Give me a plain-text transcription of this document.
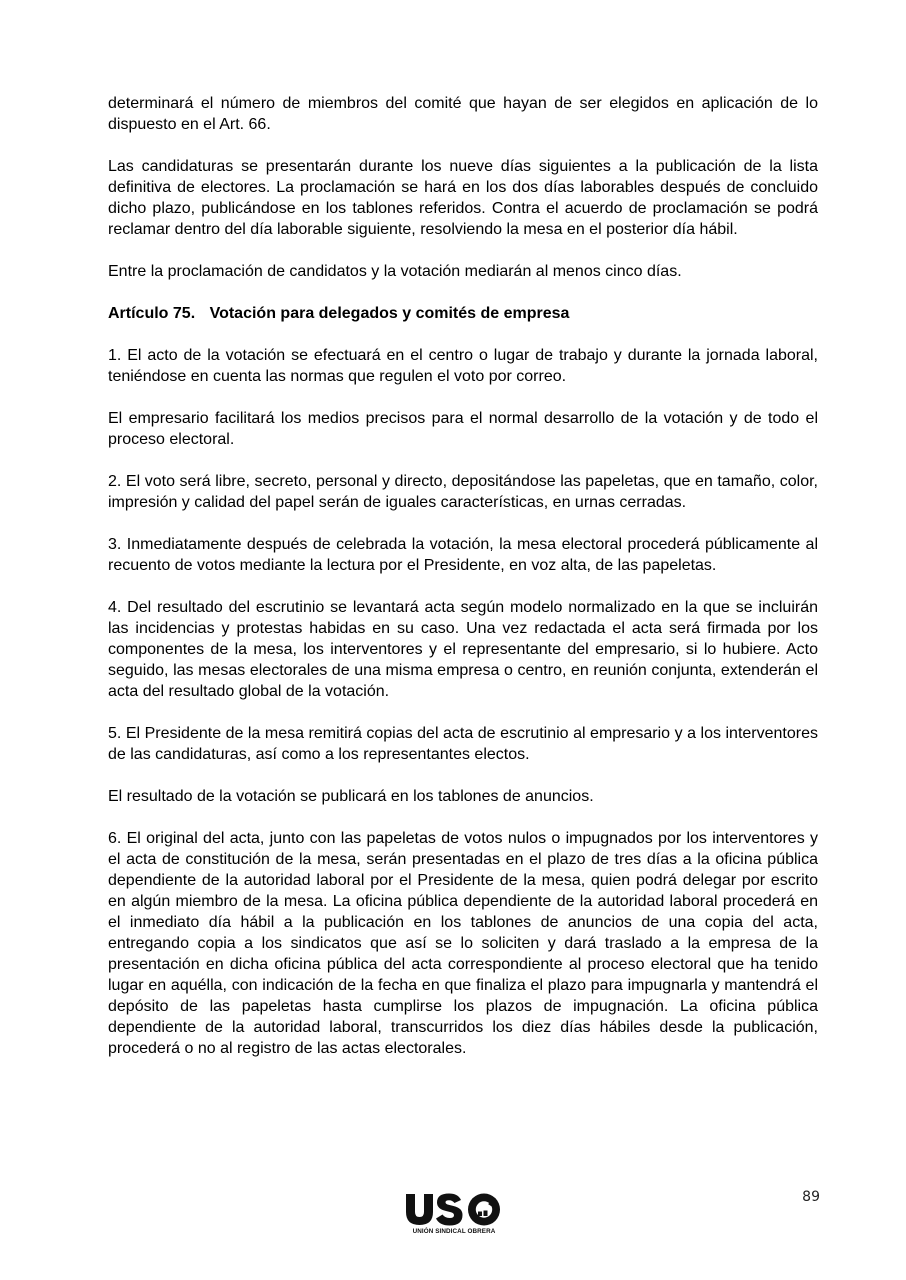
determinará el número de miembros del comité que hayan de ser elegidos en aplicación de lo dispuesto en el Art. 66.

Las candidaturas se presentarán durante los nueve días siguientes a la publicación de la lista definitiva de electores. La proclamación se hará en los dos días laborables después de concluido dicho plazo, publicándose en los tablones referidos. Contra el acuerdo de proclamación se podrá reclamar dentro del día laborable siguiente, resolviendo la mesa en el posterior día hábil.

Entre la proclamación de candidatos y la votación mediarán al menos cinco días.

Artículo 75. Votación para delegados y comités de empresa

1. El acto de la votación se efectuará en el centro o lugar de trabajo y durante la jornada laboral, teniéndose en cuenta las normas que regulen el voto por correo.

El empresario facilitará los medios precisos para el normal desarrollo de la votación y de todo el proceso electoral.

2. El voto será libre, secreto, personal y directo, depositándose las papeletas, que en tamaño, color, impresión y calidad del papel serán de iguales características, en urnas cerradas.

3. Inmediatamente después de celebrada la votación, la mesa electoral procederá públicamente al recuento de votos mediante la lectura por el Presidente, en voz alta, de las papeletas.

4. Del resultado del escrutinio se levantará acta según modelo normalizado en la que se incluirán las incidencias y protestas habidas en su caso. Una vez redactada el acta será firmada por los componentes de la mesa, los interventores y el representante del empresario, si lo hubiere. Acto seguido, las mesas electorales de una misma empresa o centro, en reunión conjunta, extenderán el acta del resultado global de la votación.

5. El Presidente de la mesa remitirá copias del acta de escrutinio al empresario y a los interventores de las candidaturas, así como a los representantes electos.

El resultado de la votación se publicará en los tablones de anuncios.

6. El original del acta, junto con las papeletas de votos nulos o impugnados por los interventores y el acta de constitución de la mesa, serán presentadas en el plazo de tres días a la oficina pública dependiente de la autoridad laboral por el Presidente de la mesa, quien podrá delegar por escrito en algún miembro de la mesa. La oficina pública dependiente de la autoridad laboral procederá en el inmediato día hábil a la publicación en los tablones de anuncios de una copia del acta, entregando copia a los sindicatos que así se lo soliciten y dará traslado a la empresa de la presentación en dicha oficina pública del acta correspondiente al proceso electoral que ha tenido lugar en aquélla, con indicación de la fecha en que finaliza el plazo para impugnarla y mantendrá el depósito de las papeletas hasta cumplirse los plazos de impugnación. La oficina pública dependiente de la autoridad laboral, transcurridos los diez días hábiles desde la publicación, procederá o no al registro de las actas electorales.

89
UNIÓN SINDICAL OBRERA
